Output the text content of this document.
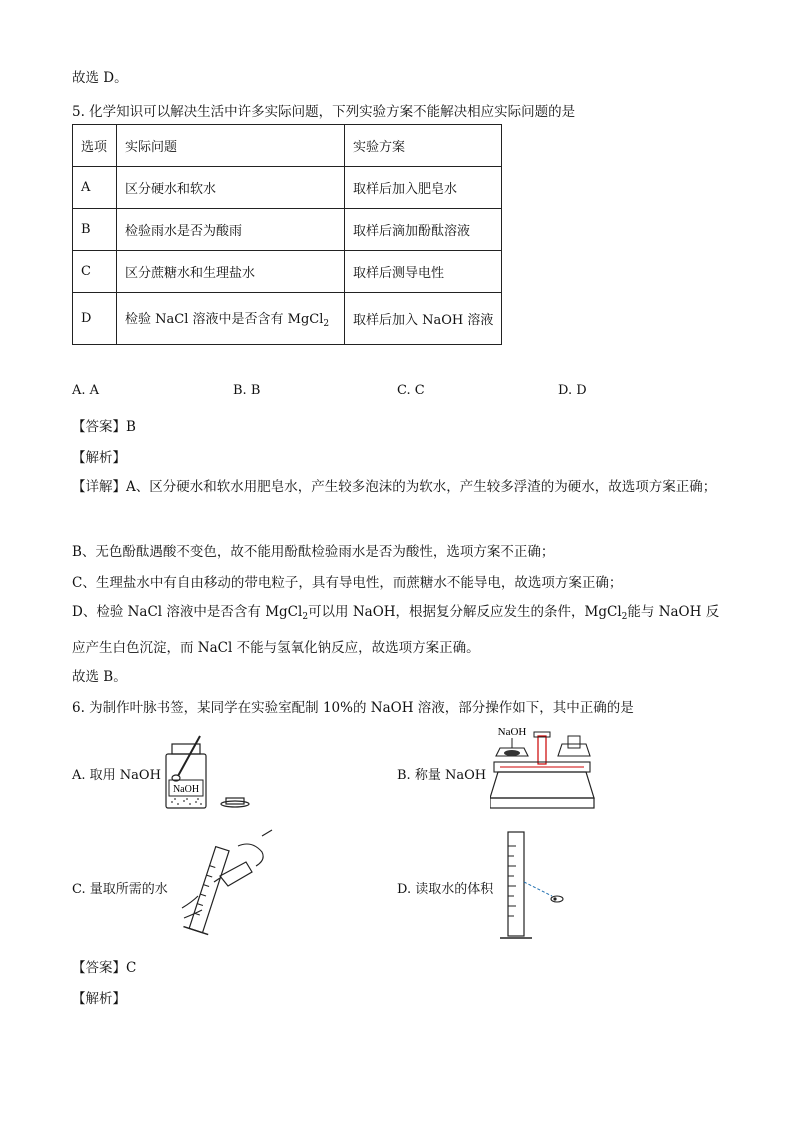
故选 D。
5. 化学知识可以解决生活中许多实际问题，下列实验方案不能解决相应实际问题的是
选项	实际问题	实验方案
A	区分硬水和软水	取样后加入肥皂水
B	检验雨水是否为酸雨	取样后滴加酚酞溶液
C	区分蔗糖水和生理盐水	取样后测导电性
D	检验 NaCl 溶液中是否含有 MgCl$_2$	取样后加入 NaOH 溶液
A. A	B. B	C. C	D. D
【答案】B
【解析】
【详解】A、区分硬水和软水用肥皂水，产生较多泡沫的为软水，产生较多浮渣的为硬水，故选项方案正确；
B、无色酚酞遇酸不变色，故不能用酚酞检验雨水是否为酸性，选项方案不正确；
C、生理盐水中有自由移动的带电粒子，具有导电性，而蔗糖水不能导电，故选项方案正确；
D、检验 NaCl 溶液中是否含有 MgCl$_2$可以用 NaOH，根据复分解反应发生的条件，MgCl$_2$能与 NaOH 反应产生白色沉淀，而 NaCl 不能与氢氧化钠反应，故选项方案正确。
故选 B。
6. 为制作叶脉书签，某同学在实验室配制 10%的 NaOH 溶液，部分操作如下，其中正确的是
A. 取用 NaOH
NaOH
B. 称量 NaOH
NaOH
C. 量取所需的水	D. 读取水的体积
【答案】C
【解析】
